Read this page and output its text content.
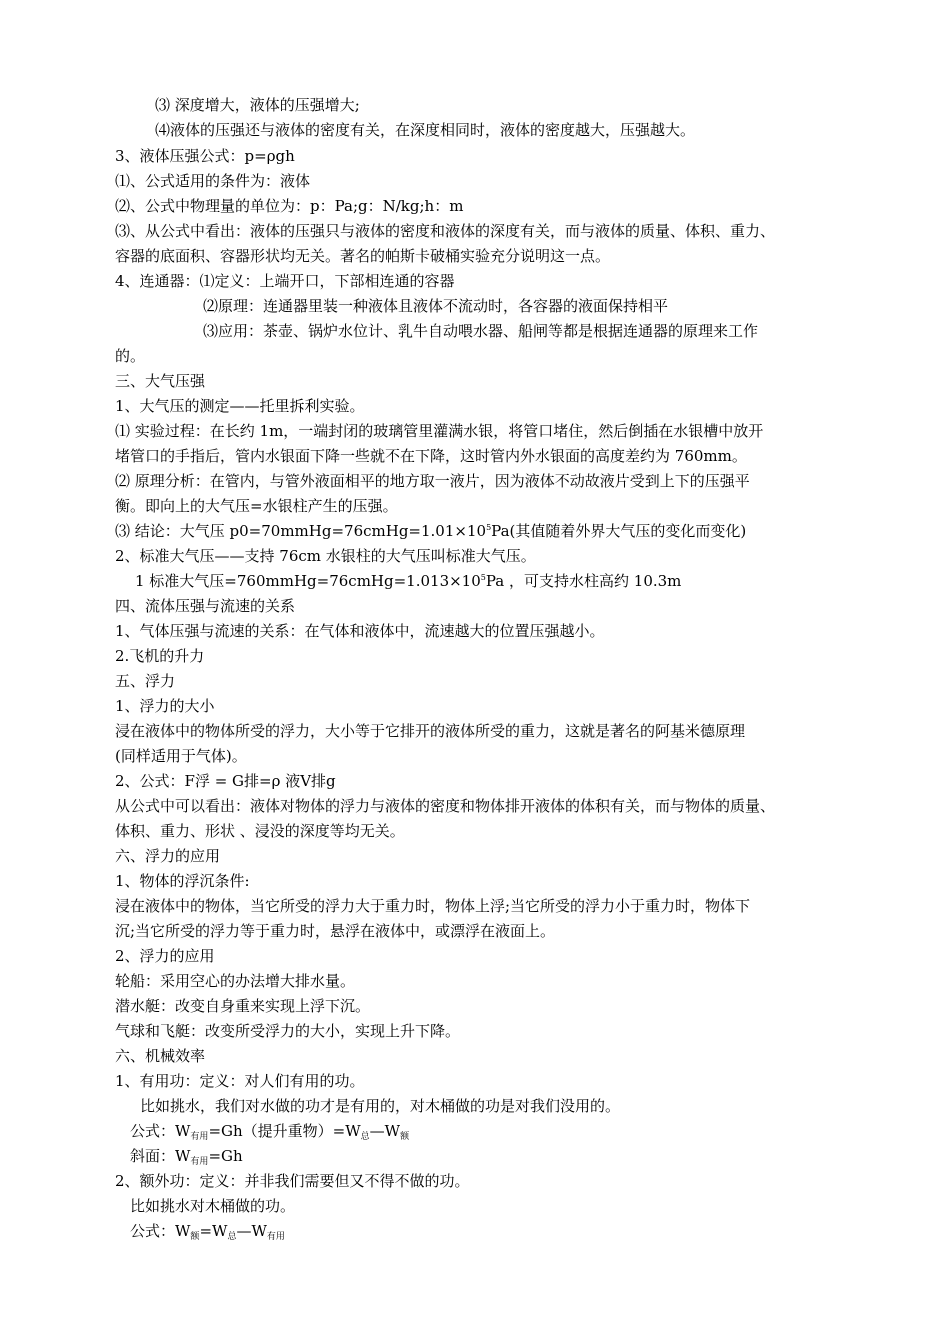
⑶ 深度增大，液体的压强增大;
⑷液体的压强还与液体的密度有关，在深度相同时，液体的密度越大，压强越大。
3、液体压强公式：p=ρgh
⑴、公式适用的条件为：液体
⑵、公式中物理量的单位为：p：Pa;g：N/kg;h：m
⑶、从公式中看出：液体的压强只与液体的密度和液体的深度有关，而与液体的质量、体积、重力、
容器的底面积、容器形状均无关。著名的帕斯卡破桶实验充分说明这一点。
4、连通器：⑴定义：上端开口，下部相连通的容器
⑵原理：连通器里装一种液体且液体不流动时，各容器的液面保持相平
⑶应用：茶壶、锅炉水位计、乳牛自动喂水器、船闸等都是根据连通器的原理来工作
的。
三、大气压强
1、大气压的测定——托里拆利实验。
⑴ 实验过程：在长约 1m，一端封闭的玻璃管里灌满水银，将管口堵住，然后倒插在水银槽中放开
堵管口的手指后，管内水银面下降一些就不在下降，这时管内外水银面的高度差约为 760mm。
⑵ 原理分析：在管内，与管外液面相平的地方取一液片，因为液体不动故液片受到上下的压强平
衡。即向上的大气压=水银柱产生的压强。
⑶ 结论：大气压 $p0=70mmHg=76cmHg=1.01\times 10^5Pa$(其值随着外界大气压的变化而变化)
2、标准大气压——支持 76cm 水银柱的大气压叫标准大气压。
1 标准大气压$=760mmHg=76cmHg=1.013\times 10^5Pa$ ，可支持水柱高约 10.3m
四、流体压强与流速的关系
1、气体压强与流速的关系：在气体和液体中，流速越大的位置压强越小。
2.飞机的升力
五、浮力
1、浮力的大小
浸在液体中的物体所受的浮力，大小等于它排开的液体所受的重力，这就是著名的阿基米德原理
(同样适用于气体)。
2、公式：F浮 = G排=ρ 液V排g
从公式中可以看出：液体对物体的浮力与液体的密度和物体排开液体的体积有关，而与物体的质量、
体积、重力、形状 、浸没的深度等均无关。
六、浮力的应用
1、物体的浮沉条件:
浸在液体中的物体，当它所受的浮力大于重力时，物体上浮;当它所受的浮力小于重力时，物体下
沉;当它所受的浮力等于重力时，悬浮在液体中，或漂浮在液面上。
2、浮力的应用
轮船：采用空心的办法增大排水量。
潜水艇：改变自身重来实现上浮下沉。
气球和飞艇：改变所受浮力的大小，实现上升下降。
六、机械效率
1、有用功：定义：对人们有用的功。
比如挑水，我们对水做的功才是有用的，对木桶做的功是对我们没用的。
公式：$W_{有用}=Gh$（提升重物）$=W_总—W_额$
斜面：$W_{有用}=Gh$
2、额外功：定义：并非我们需要但又不得不做的功。
比如挑水对木桶做的功。
公式：$W_额=W_总—W_{有用}$
